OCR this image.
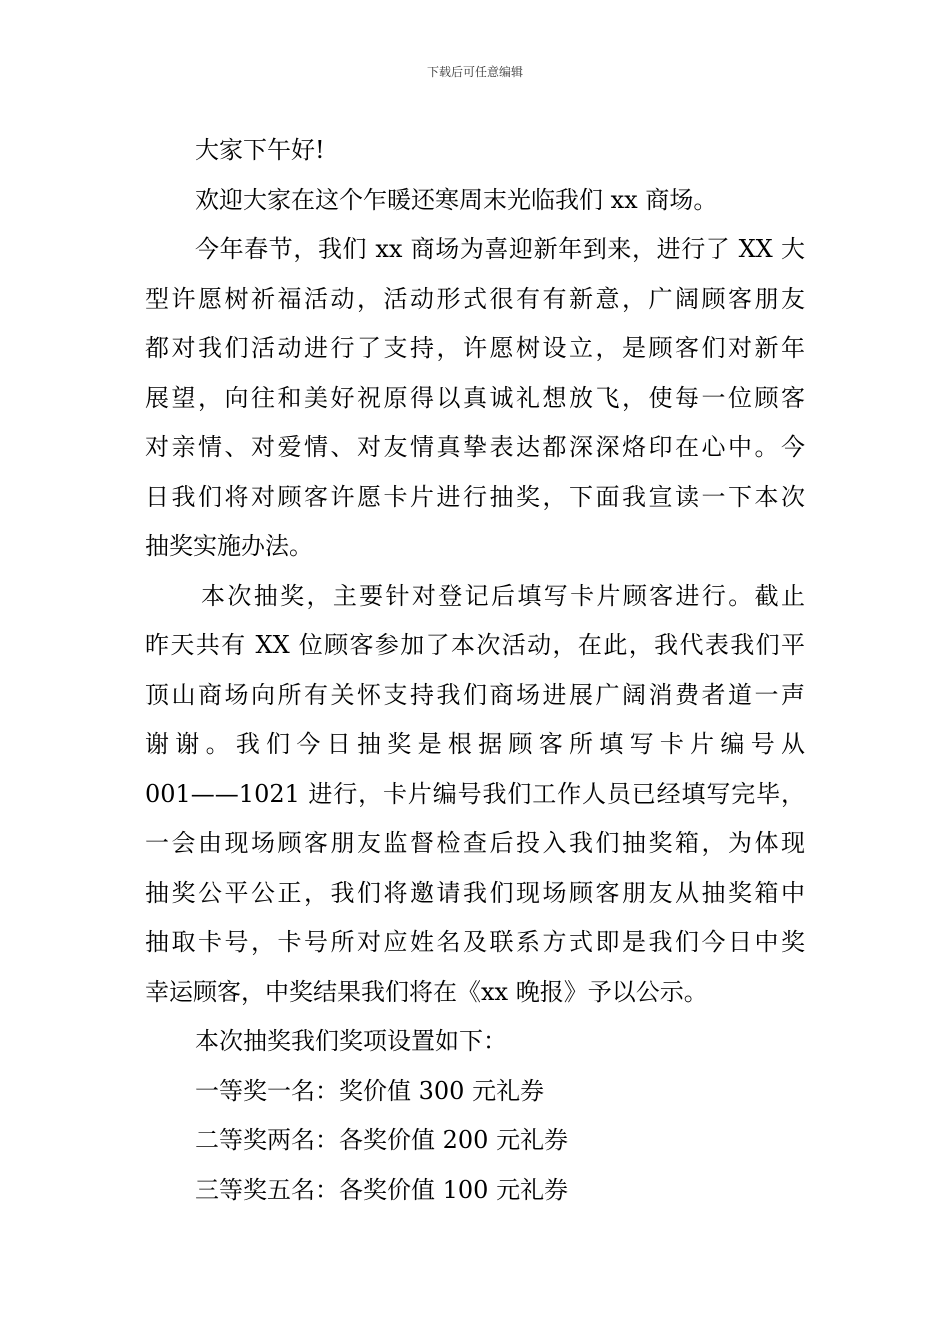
下载后可任意编辑

大家下午好!

欢迎大家在这个乍暖还寒周末光临我们 xx 商场。

今年春节，我们 xx 商场为喜迎新年到来，进行了 XX 大
型许愿树祈福活动，活动形式很有有新意，广阔顾客朋友
都对我们活动进行了支持，许愿树设立，是顾客们对新年
展望，向往和美好祝原得以真诚礼想放飞，使每一位顾客
对亲情、对爱情、对友情真挚表达都深深烙印在心中。今
日我们将对顾客许愿卡片进行抽奖，下面我宣读一下本次
抽奖实施办法。

本次抽奖，主要针对登记后填写卡片顾客进行。截止
昨天共有 XX 位顾客参加了本次活动，在此，我代表我们平
顶山商场向所有关怀支持我们商场进展广阔消费者道一声
谢谢。我们今日抽奖是根据顾客所填写卡片编号从
001——1021 进行，卡片编号我们工作人员已经填写完毕，
一会由现场顾客朋友监督检查后投入我们抽奖箱，为体现
抽奖公平公正，我们将邀请我们现场顾客朋友从抽奖箱中
抽取卡号，卡号所对应姓名及联系方式即是我们今日中奖
幸运顾客，中奖结果我们将在《xx 晚报》予以公示。

本次抽奖我们奖项设置如下：

一等奖一名：奖价值 300 元礼券

二等奖两名：各奖价值 200 元礼券

三等奖五名：各奖价值 100 元礼券
